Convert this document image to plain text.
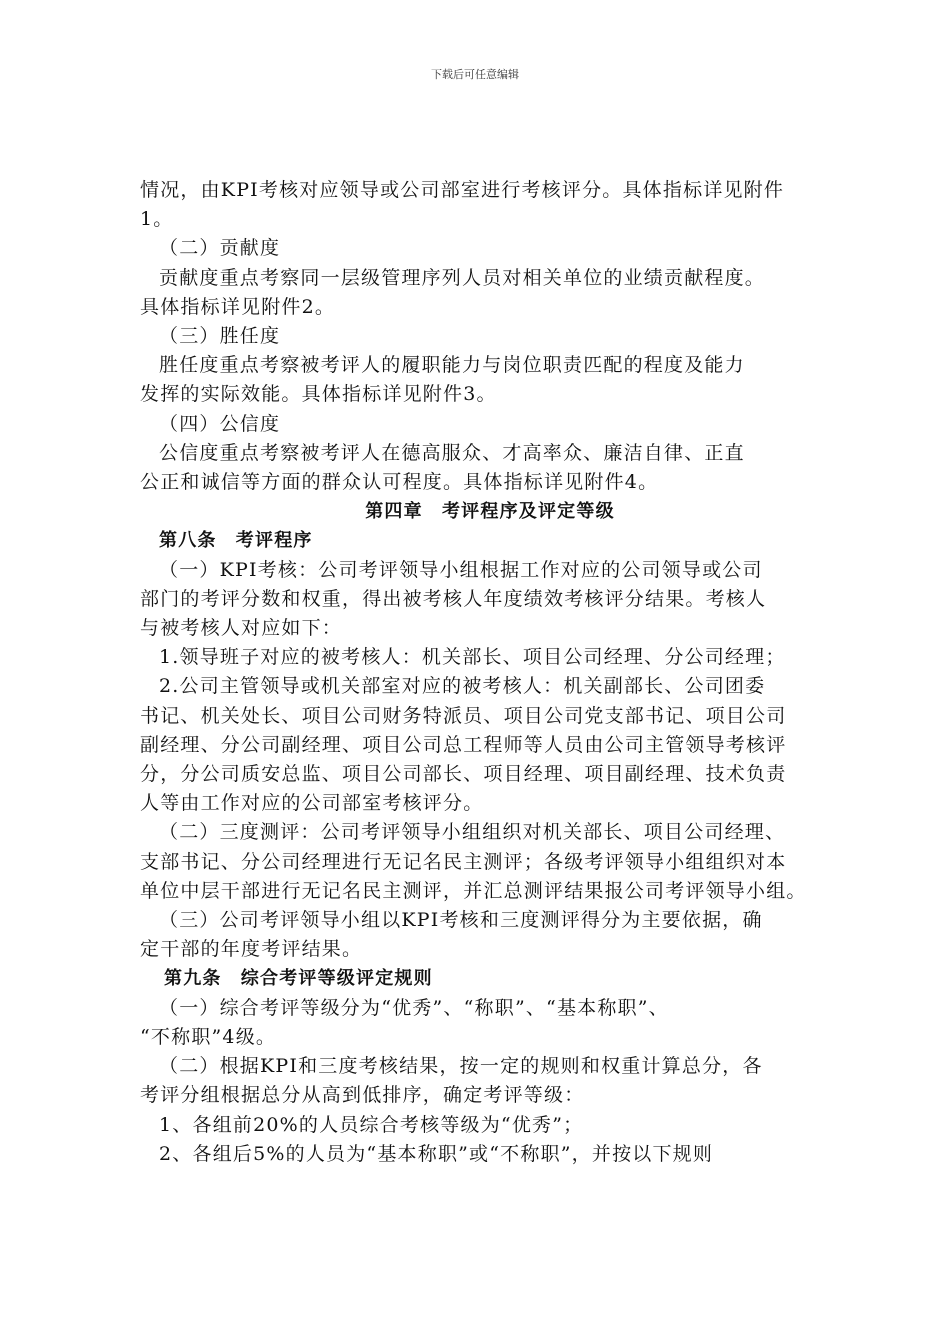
下载后可任意编辑

情况，由KPI考核对应领导或公司部室进行考核评分。具体指标详见附件

1。

（二）贡献度

贡献度重点考察同一层级管理序列人员对相关单位的业绩贡献程度。

具体指标详见附件2。

（三）胜任度

胜任度重点考察被考评人的履职能力与岗位职责匹配的程度及能力

发挥的实际效能。具体指标详见附件3。

（四）公信度

公信度重点考察被考评人在德高服众、才高率众、廉洁自律、正直

公正和诚信等方面的群众认可程度。具体指标详见附件4。

第四章　考评程序及评定等级

第八条　考评程序

（一）KPI考核：公司考评领导小组根据工作对应的公司领导或公司

部门的考评分数和权重，得出被考核人年度绩效考核评分结果。考核人

与被考核人对应如下：

1.领导班子对应的被考核人：机关部长、项目公司经理、分公司经理；

2.公司主管领导或机关部室对应的被考核人：机关副部长、公司团委

书记、机关处长、项目公司财务特派员、项目公司党支部书记、项目公司

副经理、分公司副经理、项目公司总工程师等人员由公司主管领导考核评

分，分公司质安总监、项目公司部长、项目经理、项目副经理、技术负责

人等由工作对应的公司部室考核评分。

（二）三度测评：公司考评领导小组组织对机关部长、项目公司经理、

支部书记、分公司经理进行无记名民主测评；各级考评领导小组组织对本

单位中层干部进行无记名民主测评，并汇总测评结果报公司考评领导小组。

（三）公司考评领导小组以KPI考核和三度测评得分为主要依据，确

定干部的年度考评结果。

第九条　综合考评等级评定规则

（一）综合考评等级分为“优秀”、“称职”、“基本称职”、

“不称职”4级。

（二）根据KPI和三度考核结果，按一定的规则和权重计算总分，各

考评分组根据总分从高到低排序，确定考评等级：

1、各组前20%的人员综合考核等级为“优秀”；

2、各组后5%的人员为“基本称职”或“不称职”，并按以下规则
